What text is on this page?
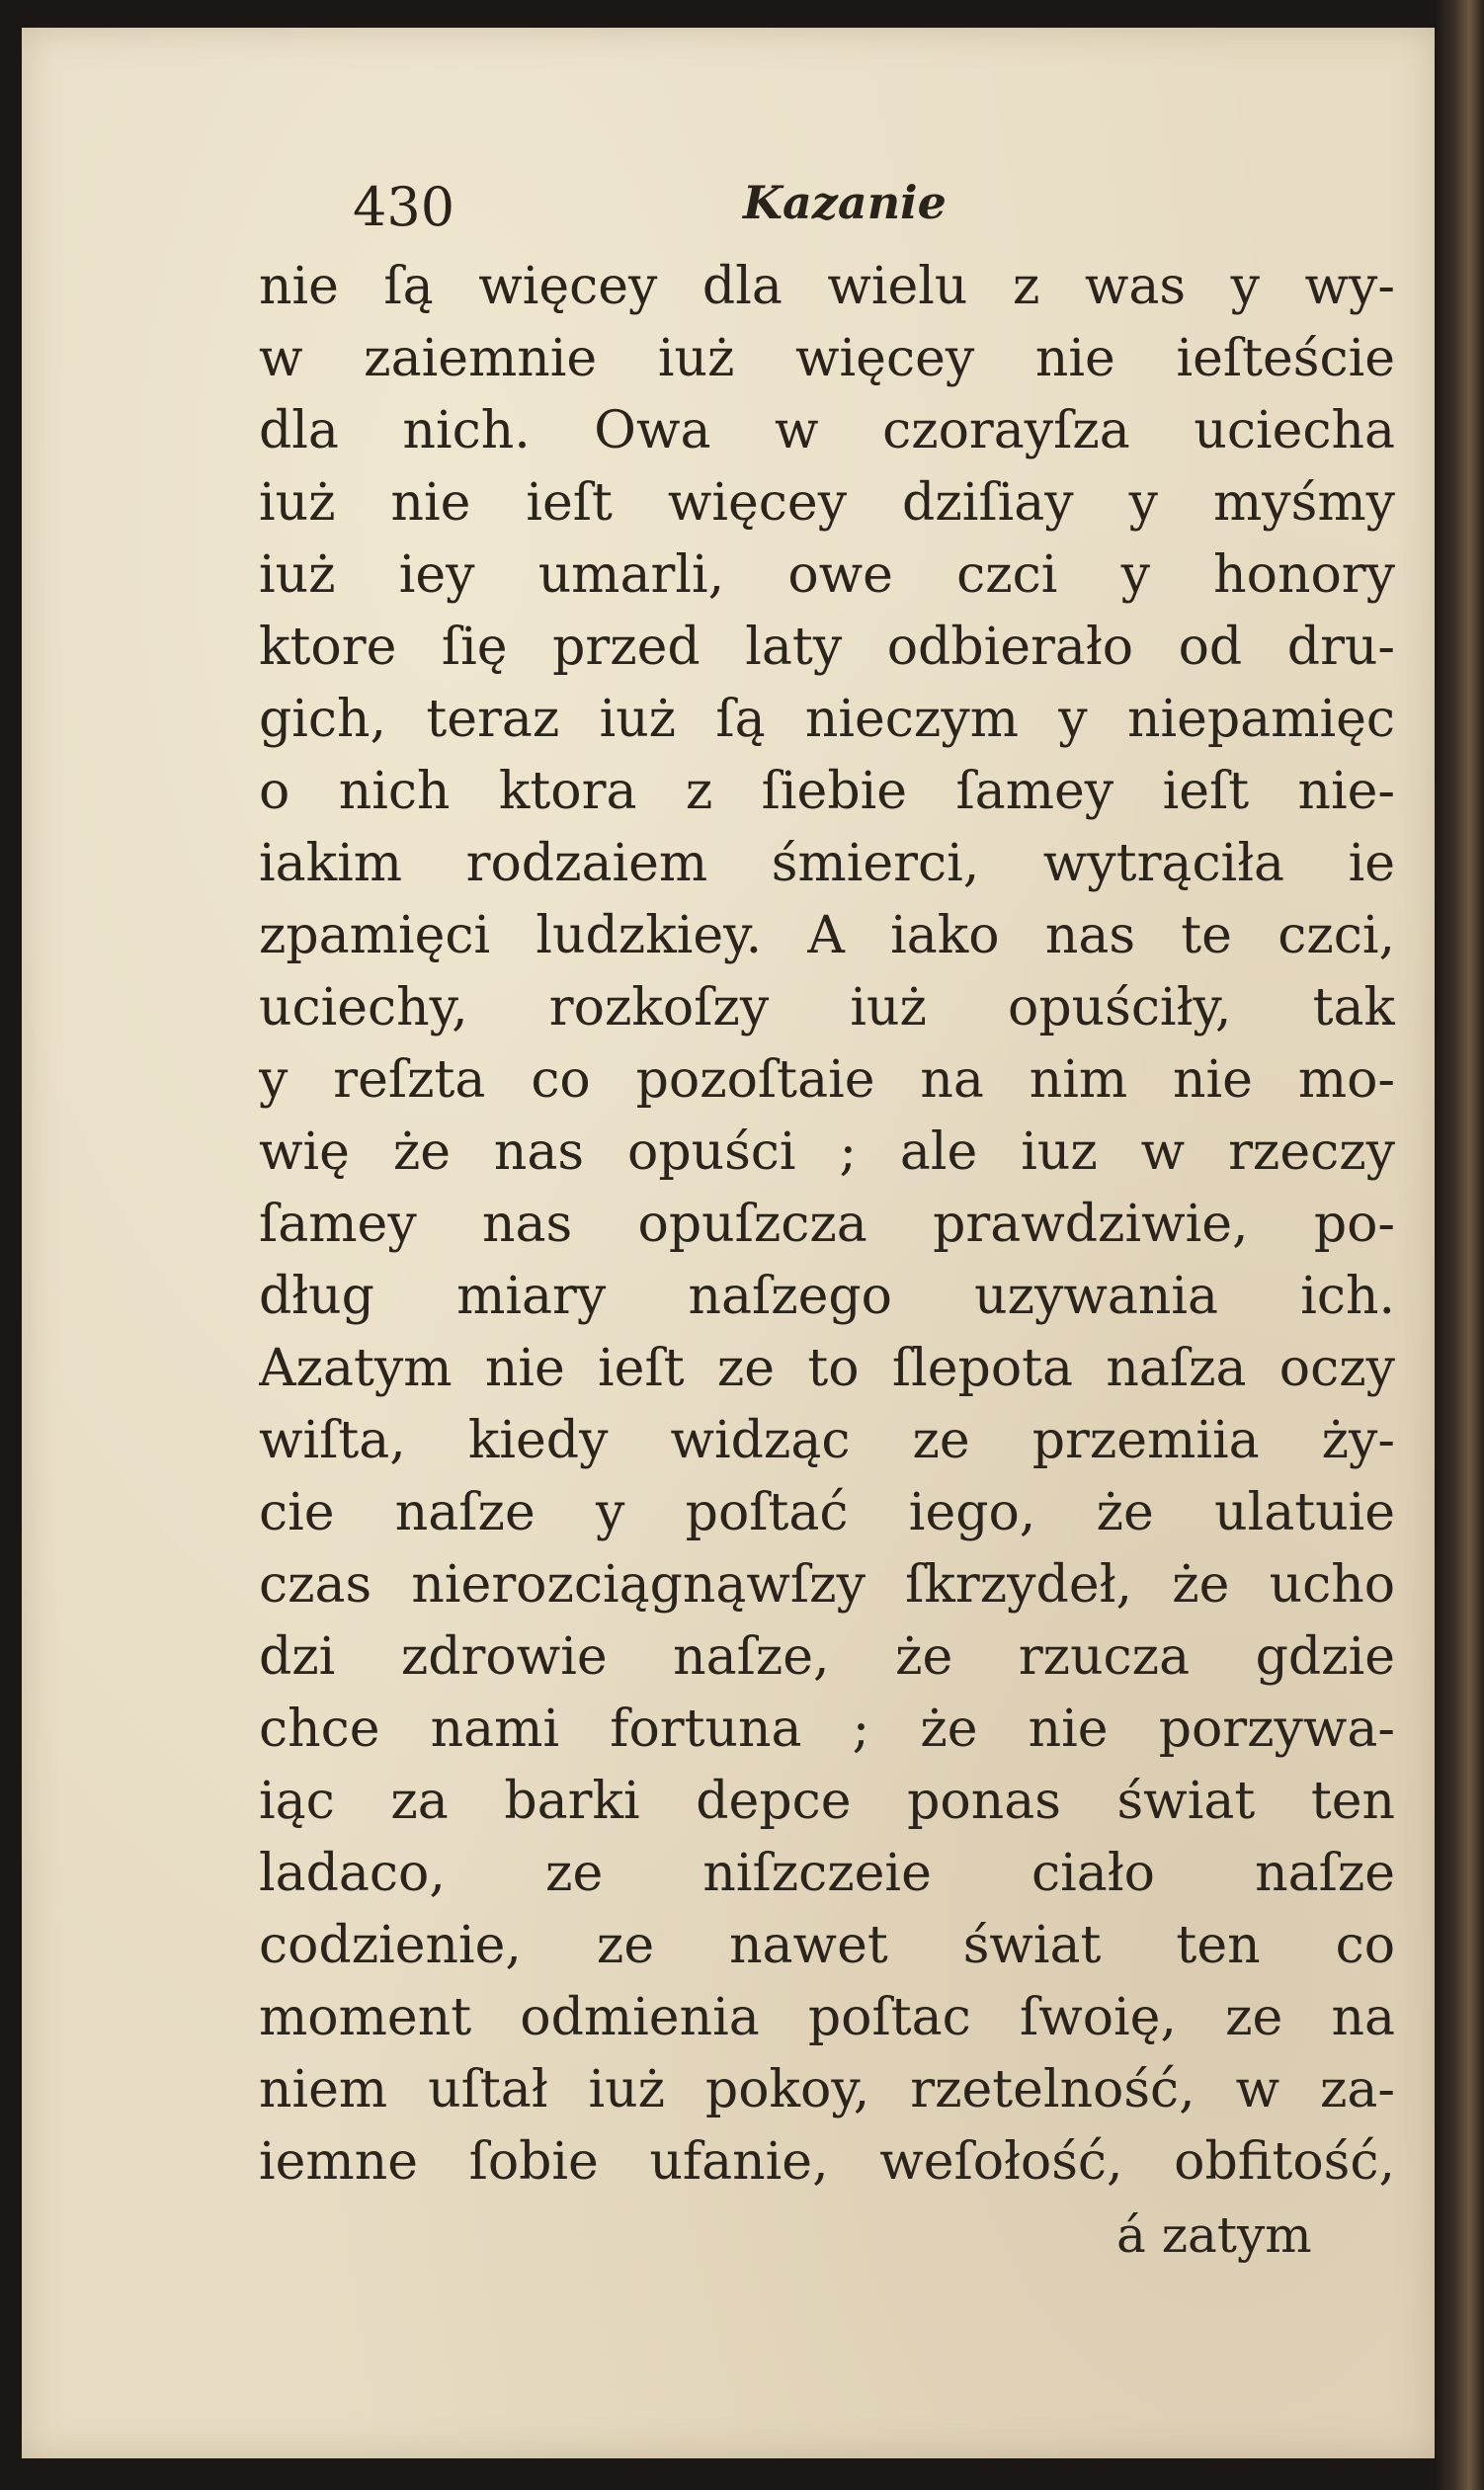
430	Kazanie
nie ſą więcey dla wielu z was y wy-
w zaiemnie iuż więcey nie ieſteście
dla nich. Owa w czorayſza uciecha
iuż nie ieſt więcey dziſiay y myśmy
iuż iey umarli, owe czci y honory
ktore ſię przed laty odbierało od dru-
gich, teraz iuż ſą nieczym y niepamięc
o nich ktora z ſiebie ſamey ieſt nie-
iakim rodzaiem śmierci, wytrąciła ie
zpamięci ludzkiey. A iako nas te czci,
uciechy, rozkoſzy iuż opuściły, tak
y reſzta co pozoſtaie na nim nie mo-
wię że nas opuści ; ale iuz w rzeczy
ſamey nas opuſzcza prawdziwie, po-
dług miary naſzego uzywania ich.
Azatym nie ieſt ze to ſlepota naſza oczy
wiſta, kiedy widząc ze przemiia ży-
cie naſze y poſtać iego, że ulatuie
czas nierozciągnąwſzy ſkrzydeł, że ucho
dzi zdrowie naſze, że rzucza gdzie
chce nami fortuna ; że nie porzywa-
iąc za barki depce ponas świat ten
ladaco, ze niſzczeie ciało naſze
codzienie, ze nawet świat ten co
moment odmienia poſtac ſwoię, ze na
niem uſtał iuż pokoy, rzetelność, w za-
iemne ſobie ufanie, weſołość, obfitość,
á zatym
